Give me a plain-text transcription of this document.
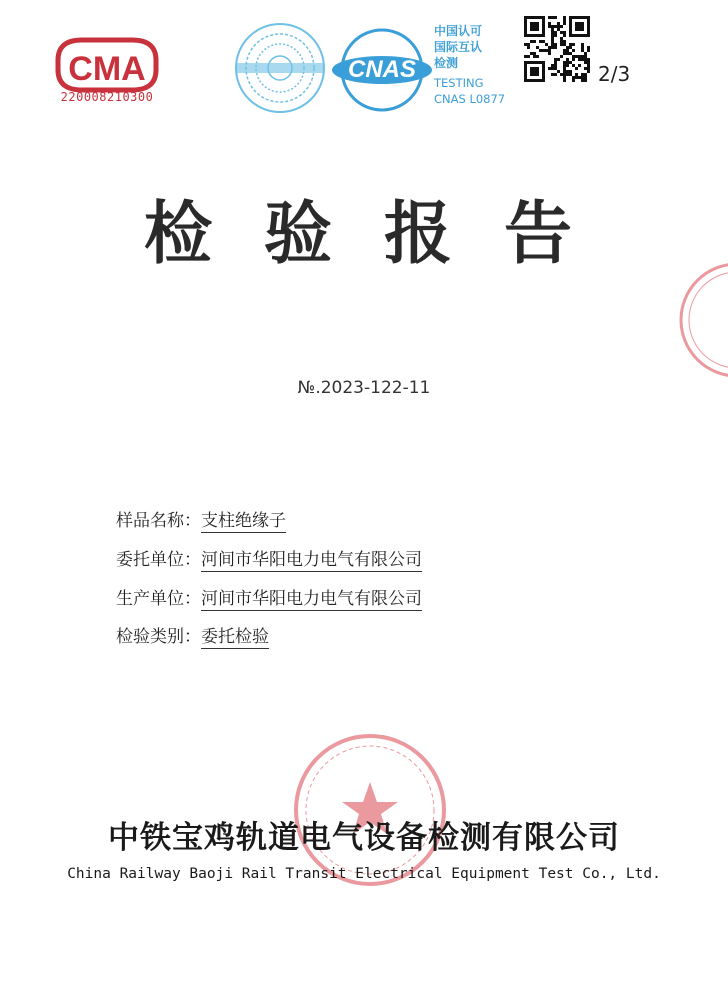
CMA
220008210300
CNAS
中国认可
国际互认
检测
TESTING
CNAS L0877
2/3
检验报告
№.2023-122-11
样品名称：支柱绝缘子
委托单位：河间市华阳电力电气有限公司
生产单位：河间市华阳电力电气有限公司
检验类别：委托检验
中铁宝鸡轨道电气设备检测有限公司
China Railway Baoji Rail Transit Electrical Equipment Test Co., Ltd.
